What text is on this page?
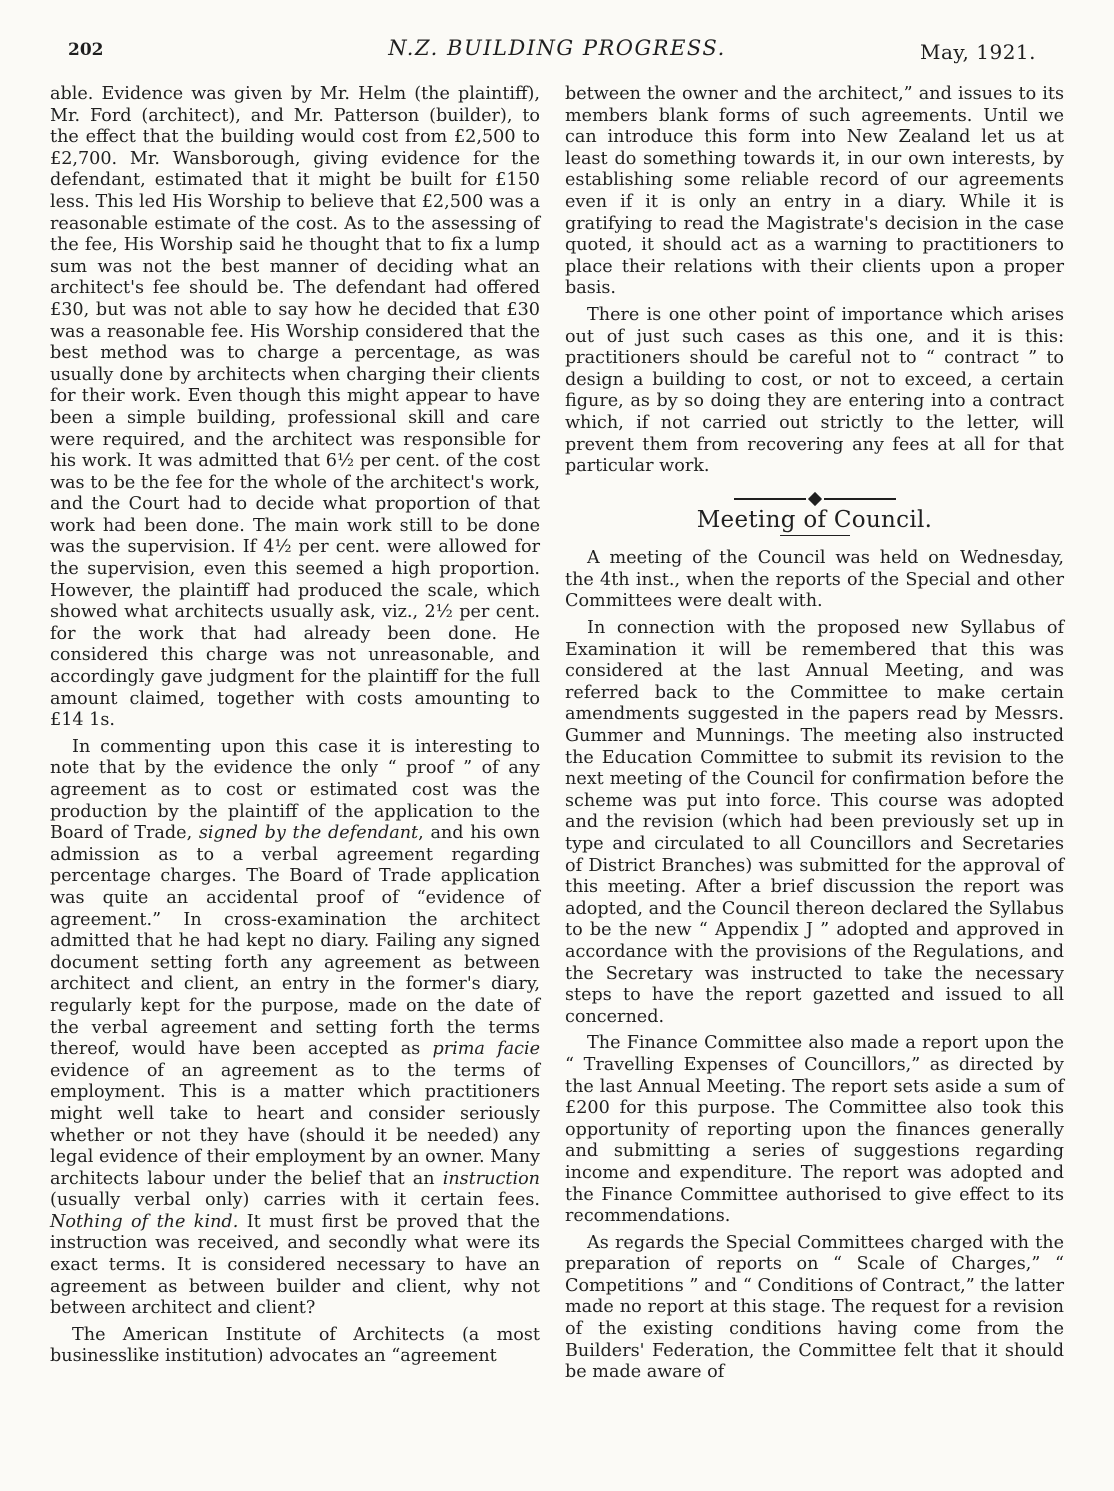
202	N.Z. BUILDING PROGRESS.	May, 1921.

able. Evidence was given by Mr. Helm (the plaintiff), Mr. Ford (architect), and Mr. Patterson (builder), to the effect that the building would cost from £2,500 to £2,700. Mr. Wansborough, giving evidence for the defendant, estimated that it might be built for £150 less. This led His Worship to believe that £2,500 was a reasonable estimate of the cost. As to the assessing of the fee, His Worship said he thought that to fix a lump sum was not the best manner of deciding what an architect's fee should be. The defendant had offered £30, but was not able to say how he decided that £30 was a reasonable fee. His Worship considered that the best method was to charge a percentage, as was usually done by architects when charging their clients for their work. Even though this might appear to have been a simple building, professional skill and care were required, and the architect was responsible for his work. It was admitted that 6½ per cent. of the cost was to be the fee for the whole of the architect's work, and the Court had to decide what proportion of that work had been done. The main work still to be done was the supervision. If 4½ per cent. were allowed for the supervision, even this seemed a high proportion. However, the plaintiff had produced the scale, which showed what architects usually ask, viz., 2½ per cent. for the work that had already been done. He considered this charge was not unreasonable, and accordingly gave judgment for the plaintiff for the full amount claimed, together with costs amounting to £14 1s.

In commenting upon this case it is interesting to note that by the evidence the only “ proof ” of any agreement as to cost or estimated cost was the production by the plaintiff of the application to the Board of Trade, signed by the defendant, and his own admission as to a verbal agreement regarding percentage charges. The Board of Trade application was quite an accidental proof of “evidence of agreement.” In cross-examination the architect admitted that he had kept no diary. Failing any signed document setting forth any agreement as between architect and client, an entry in the former's diary, regularly kept for the purpose, made on the date of the verbal agreement and setting forth the terms thereof, would have been accepted as prima facie evidence of an agreement as to the terms of employment. This is a matter which practitioners might well take to heart and consider seriously whether or not they have (should it be needed) any legal evidence of their employment by an owner. Many architects labour under the belief that an instruction (usually verbal only) carries with it certain fees. Nothing of the kind. It must first be proved that the instruction was received, and secondly what were its exact terms. It is considered necessary to have an agreement as between builder and client, why not between architect and client?

The American Institute of Architects (a most businesslike institution) advocates an “agreement

between the owner and the architect,” and issues to its members blank forms of such agreements. Until we can introduce this form into New Zealand let us at least do something towards it, in our own interests, by establishing some reliable record of our agreements even if it is only an entry in a diary. While it is gratifying to read the Magistrate's decision in the case quoted, it should act as a warning to practitioners to place their relations with their clients upon a proper basis.

There is one other point of importance which arises out of just such cases as this one, and it is this: practitioners should be careful not to “ contract ” to design a building to cost, or not to exceed, a certain figure, as by so doing they are entering into a contract which, if not carried out strictly to the letter, will prevent them from recovering any fees at all for that particular work.

Meeting of Council.

A meeting of the Council was held on Wednesday, the 4th inst., when the reports of the Special and other Committees were dealt with.

In connection with the proposed new Syllabus of Examination it will be remembered that this was considered at the last Annual Meeting, and was referred back to the Committee to make certain amendments suggested in the papers read by Messrs. Gummer and Munnings. The meeting also instructed the Education Committee to submit its revision to the next meeting of the Council for confirmation before the scheme was put into force. This course was adopted and the revision (which had been previously set up in type and circulated to all Councillors and Secretaries of District Branches) was submitted for the approval of this meeting. After a brief discussion the report was adopted, and the Council thereon declared the Syllabus to be the new “ Appendix J ” adopted and approved in accordance with the provisions of the Regulations, and the Secretary was instructed to take the necessary steps to have the report gazetted and issued to all concerned.

The Finance Committee also made a report upon the “ Travelling Expenses of Councillors,” as directed by the last Annual Meeting. The report sets aside a sum of £200 for this purpose. The Committee also took this opportunity of reporting upon the finances generally and submitting a series of suggestions regarding income and expenditure. The report was adopted and the Finance Committee authorised to give effect to its recommendations.

As regards the Special Committees charged with the preparation of reports on “ Scale of Charges,” “ Competitions ” and “ Conditions of Contract,” the latter made no report at this stage. The request for a revision of the existing conditions having come from the Builders' Federation, the Committee felt that it should be made aware of
